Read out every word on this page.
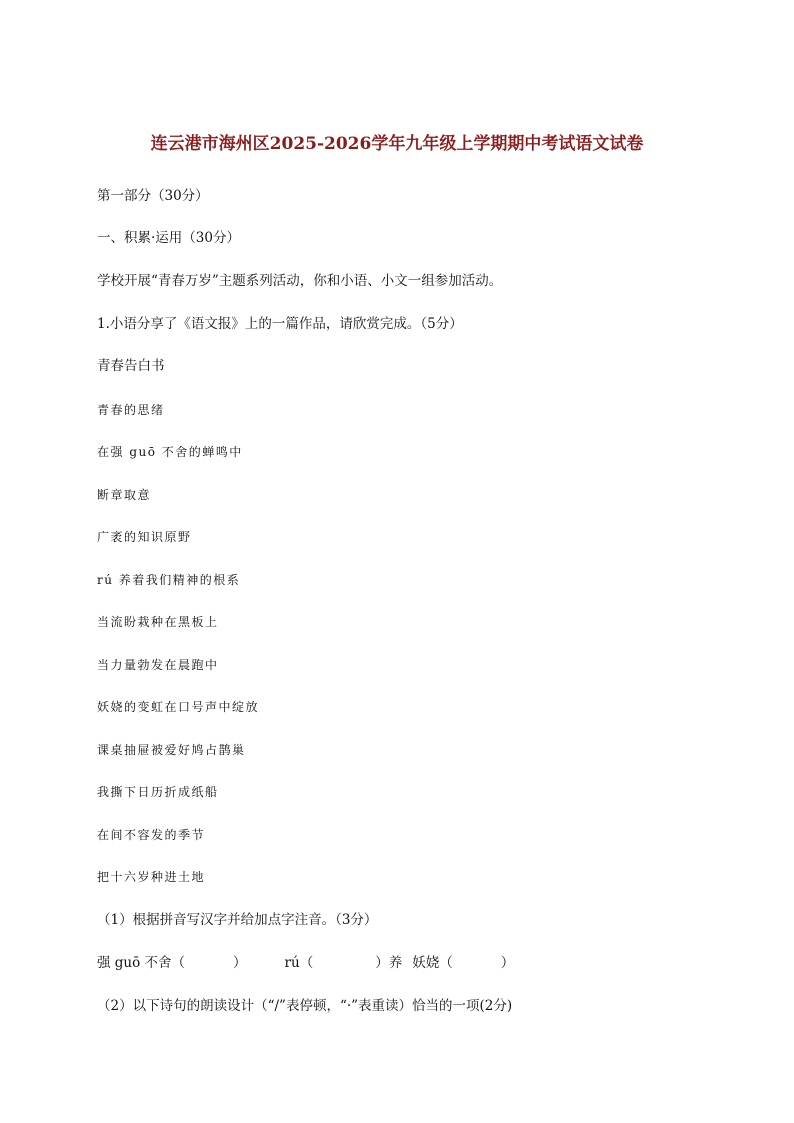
连云港市海州区2025-2026学年九年级上学期期中考试语文试卷
第一部分（30分）
一、积累·运用（30分）
学校开展“青春万岁”主题系列活动，你和小语、小文一组参加活动。
1.小语分享了《语文报》上的一篇作品，请欣赏完成。（5分）
青春告白书
青春的思绪
在强 guō 不舍的蝉鸣中
断章取意
广袤的知识原野
rú 养着我们精神的根系
当流盼栽种在黑板上
当力量勃发在晨跑中
妖娆的变虹在口号声中绽放
课桌抽屉被爱好鸠占鹊巢
我撕下日历折成纸船
在间不容发的季节
把十六岁种进土地
（1）根据拼音写汉字并给加点字注音。（3分）
强 guō 不舍（	）	rú（	）养 妖娆（	）
（2）以下诗句的朗读设计（“/”表停顿，“·”表重读）恰当的一项(2分)
